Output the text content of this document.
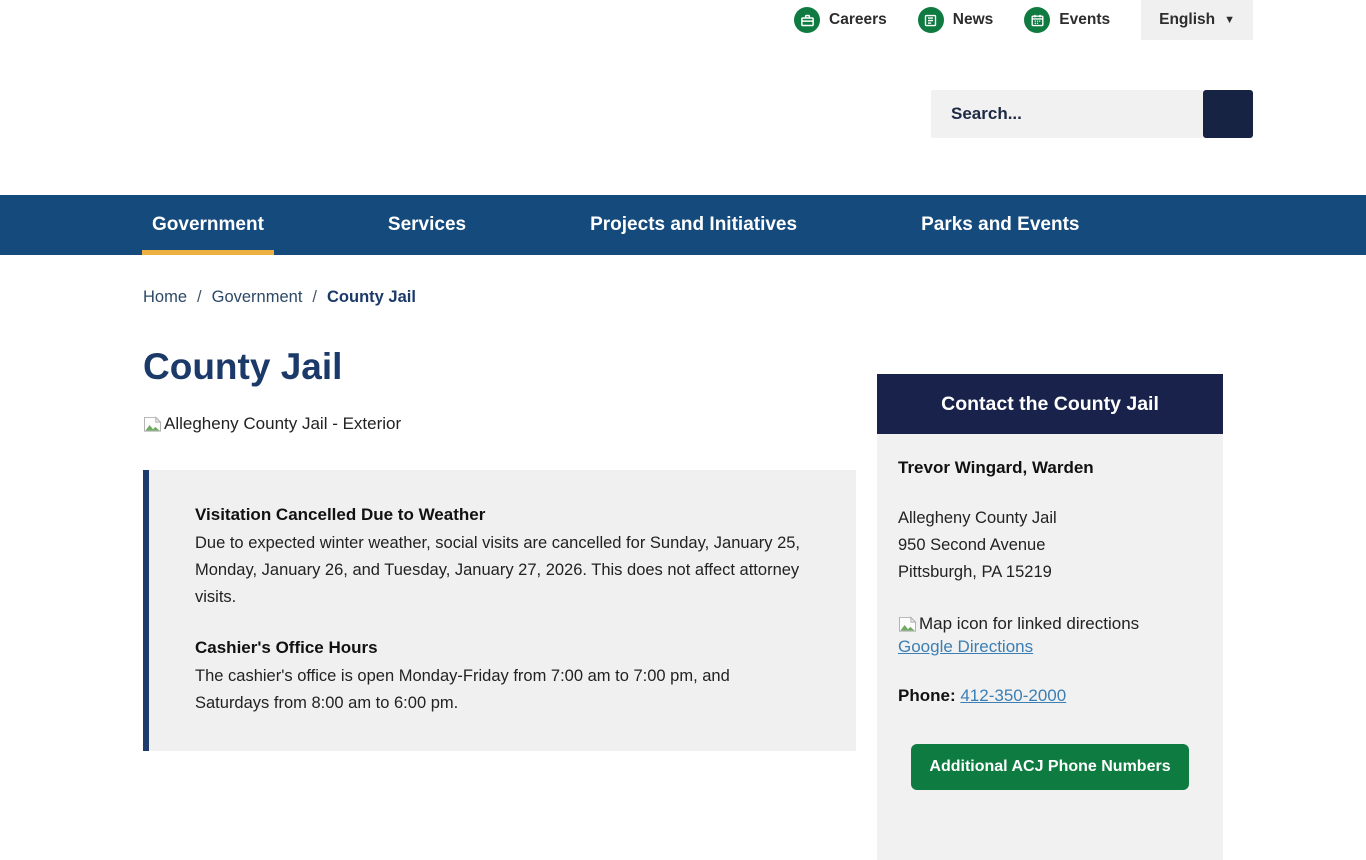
Careers	News	Events	English ▼
Search...
Government	Services	Projects and Initiatives	Parks and Events
Home / Government / County Jail
County Jail
Allegheny County Jail - Exterior
Visitation Cancelled Due to Weather

Due to expected winter weather, social visits are cancelled for Sunday, January 25, Monday, January 26, and Tuesday, January 27, 2026. This does not affect attorney visits.

Cashier's Office Hours

The cashier's office is open Monday-Friday from 7:00 am to 7:00 pm, and Saturdays from 8:00 am to 6:00 pm.

Contact the County Jail

Trevor Wingard, Warden

Allegheny County Jail
950 Second Avenue
Pittsburgh, PA 15219
Map icon for linked directions
Google Directions
Phone: 412-350-2000
Additional ACJ Phone Numbers
